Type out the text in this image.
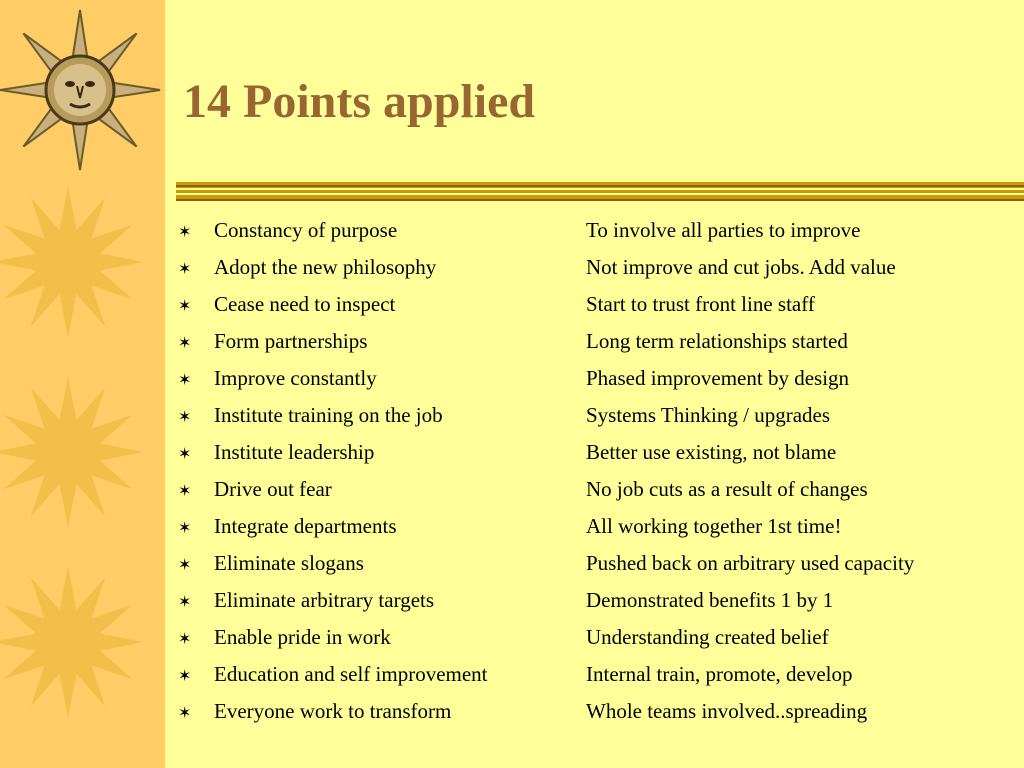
14 Points applied
✶	Constancy of purpose	To involve all parties to improve
✶	Adopt the new philosophy	Not improve and cut jobs. Add value
✶	Cease need to inspect	Start to trust front line staff
✶	Form partnerships	Long term relationships started
✶	Improve constantly	Phased improvement by design
✶	Institute training on the job	Systems Thinking / upgrades
✶	Institute leadership	Better use existing, not blame
✶	Drive out fear	No job cuts as a result of changes
✶	Integrate departments	All working together 1st time!
✶	Eliminate slogans	Pushed back on arbitrary used capacity
✶	Eliminate arbitrary targets	Demonstrated benefits 1 by 1
✶	Enable pride in work	Understanding created belief
✶	Education and self improvement	Internal train, promote, develop
✶	Everyone work to transform	Whole teams involved..spreading
